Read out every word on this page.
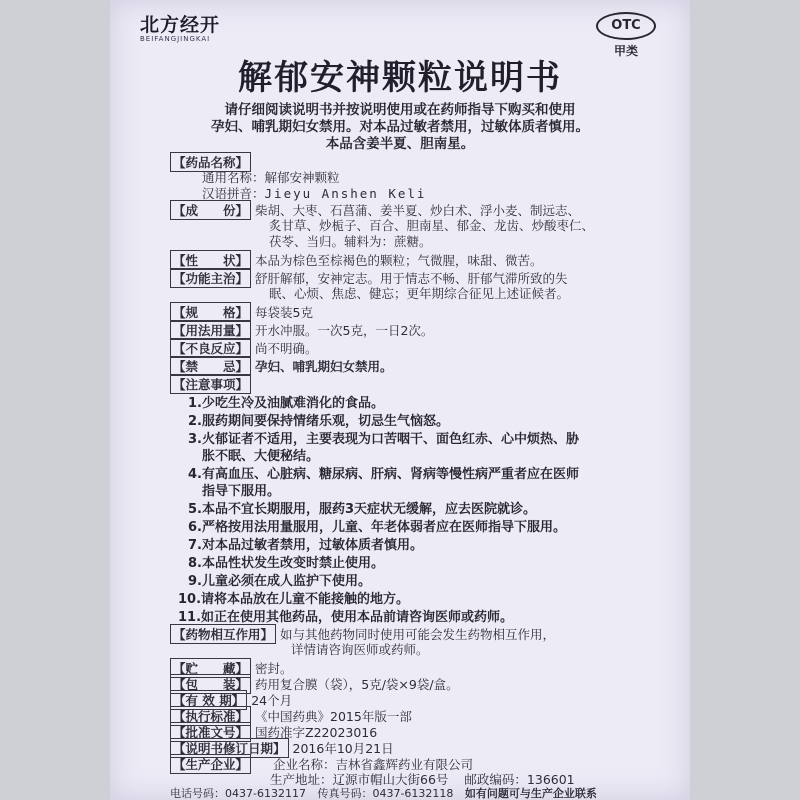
北方经开
BEIFANGJINGKAI
OTC
甲类
解郁安神颗粒说明书
请仔细阅读说明书并按说明使用或在药师指导下购买和使用
孕妇、哺乳期妇女禁用。对本品过敏者禁用，过敏体质者慎用。
本品含姜半夏、胆南星。
【药品名称】
通用名称：解郁安神颗粒
汉语拼音：Jieyu Anshen Keli
【成　　份】 柴胡、大枣、石菖蒲、姜半夏、炒白术、浮小麦、制远志、
炙甘草、炒栀子、百合、胆南星、郁金、龙齿、炒酸枣仁、
茯苓、当归。辅料为：蔗糖。
【性　　状】 本品为棕色至棕褐色的颗粒；气微腥，味甜、微苦。
【功能主治】 舒肝解郁，安神定志。用于情志不畅、肝郁气滞所致的失
眠、心烦、焦虑、健忘；更年期综合征见上述证候者。
【规　　格】 每袋装5克
【用法用量】 开水冲服。一次5克，一日2次。
【不良反应】 尚不明确。
【禁　　忌】 孕妇、哺乳期妇女禁用。
【注意事项】
1.少吃生冷及油腻难消化的食品。
2.服药期间要保持情绪乐观，切忌生气恼怒。
3.火郁证者不适用，主要表现为口苦咽干、面色红赤、心中烦热、胁
胀不眠、大便秘结。
4.有高血压、心脏病、糖尿病、肝病、肾病等慢性病严重者应在医师
指导下服用。
5.本品不宜长期服用，服药3天症状无缓解，应去医院就诊。
6.严格按用法用量服用，儿童、年老体弱者应在医师指导下服用。
7.对本品过敏者禁用，过敏体质者慎用。
8.本品性状发生改变时禁止使用。
9.儿童必须在成人监护下使用。
10.请将本品放在儿童不能接触的地方。
11.如正在使用其他药品，使用本品前请咨询医师或药师。
【药物相互作用】 如与其他药物同时使用可能会发生药物相互作用，
详情请咨询医师或药师。
【贮　　藏】 密封。
【包　　装】 药用复合膜（袋），5克/袋×9袋/盒。
【有 效 期】 24个月
【执行标准】 《中国药典》2015年版一部
【批准文号】 国药准字Z22023016
【说明书修订日期】 2016年10月21日
【生产企业】 企业名称：吉林省鑫辉药业有限公司
生产地址：辽源市帽山大街66号 邮政编码：136601
电话号码：0437-6132117 传真号码：0437-6132118 如有问题可与生产企业联系
